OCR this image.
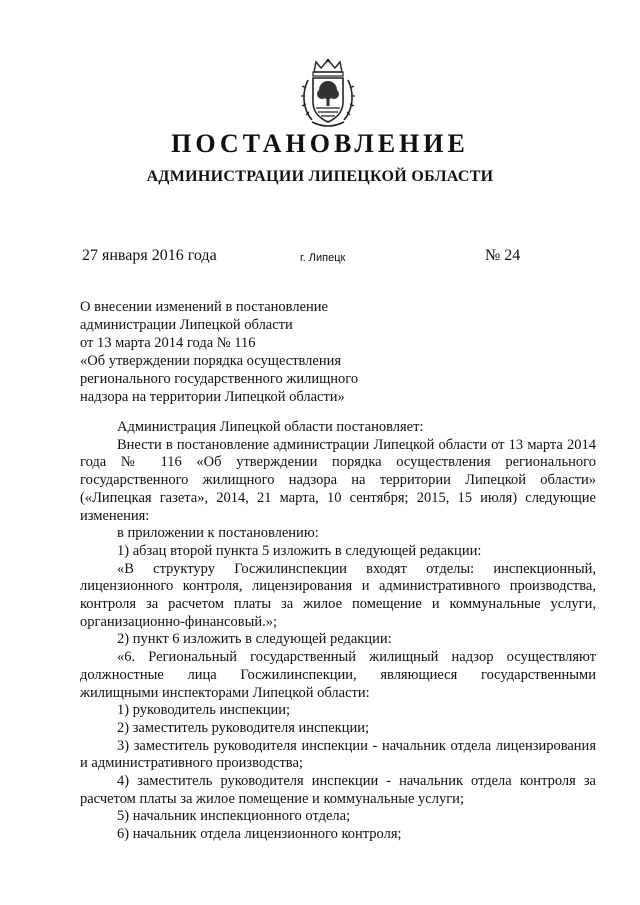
ПОСТАНОВЛЕНИЕ
АДМИНИСТРАЦИИ ЛИПЕЦКОЙ ОБЛАСТИ
27 января 2016 года	г. Липецк	№ 24
О внесении изменений в постановление
администрации Липецкой области
от 13 марта 2014 года № 116
«Об утверждении порядка осуществления
регионального государственного жилищного
надзора на территории Липецкой области»

Администрация Липецкой области постановляет:

Внести в постановление администрации Липецкой области от 13 марта 2014 года № 116 «Об утверждении порядка осуществления регионального государственного жилищного надзора на территории Липецкой области» («Липецкая газета», 2014, 21 марта, 10 сентября; 2015, 15 июля) следующие изменения:

в приложении к постановлению:

1) абзац второй пункта 5 изложить в следующей редакции:

«В структуру Госжилинспекции входят отделы: инспекционный, лицензионного контроля, лицензирования и административного производства, контроля за расчетом платы за жилое помещение и коммунальные услуги, организационно-финансовый.»;

2) пункт 6 изложить в следующей редакции:

«6. Региональный государственный жилищный надзор осуществляют должностные лица Госжилинспекции, являющиеся государственными жилищными инспекторами Липецкой области:

1) руководитель инспекции;

2) заместитель руководителя инспекции;

3) заместитель руководителя инспекции - начальник отдела лицензирования и административного производства;

4) заместитель руководителя инспекции - начальник отдела контроля за расчетом платы за жилое помещение и коммунальные услуги;

5) начальник инспекционного отдела;

6) начальник отдела лицензионного контроля;
